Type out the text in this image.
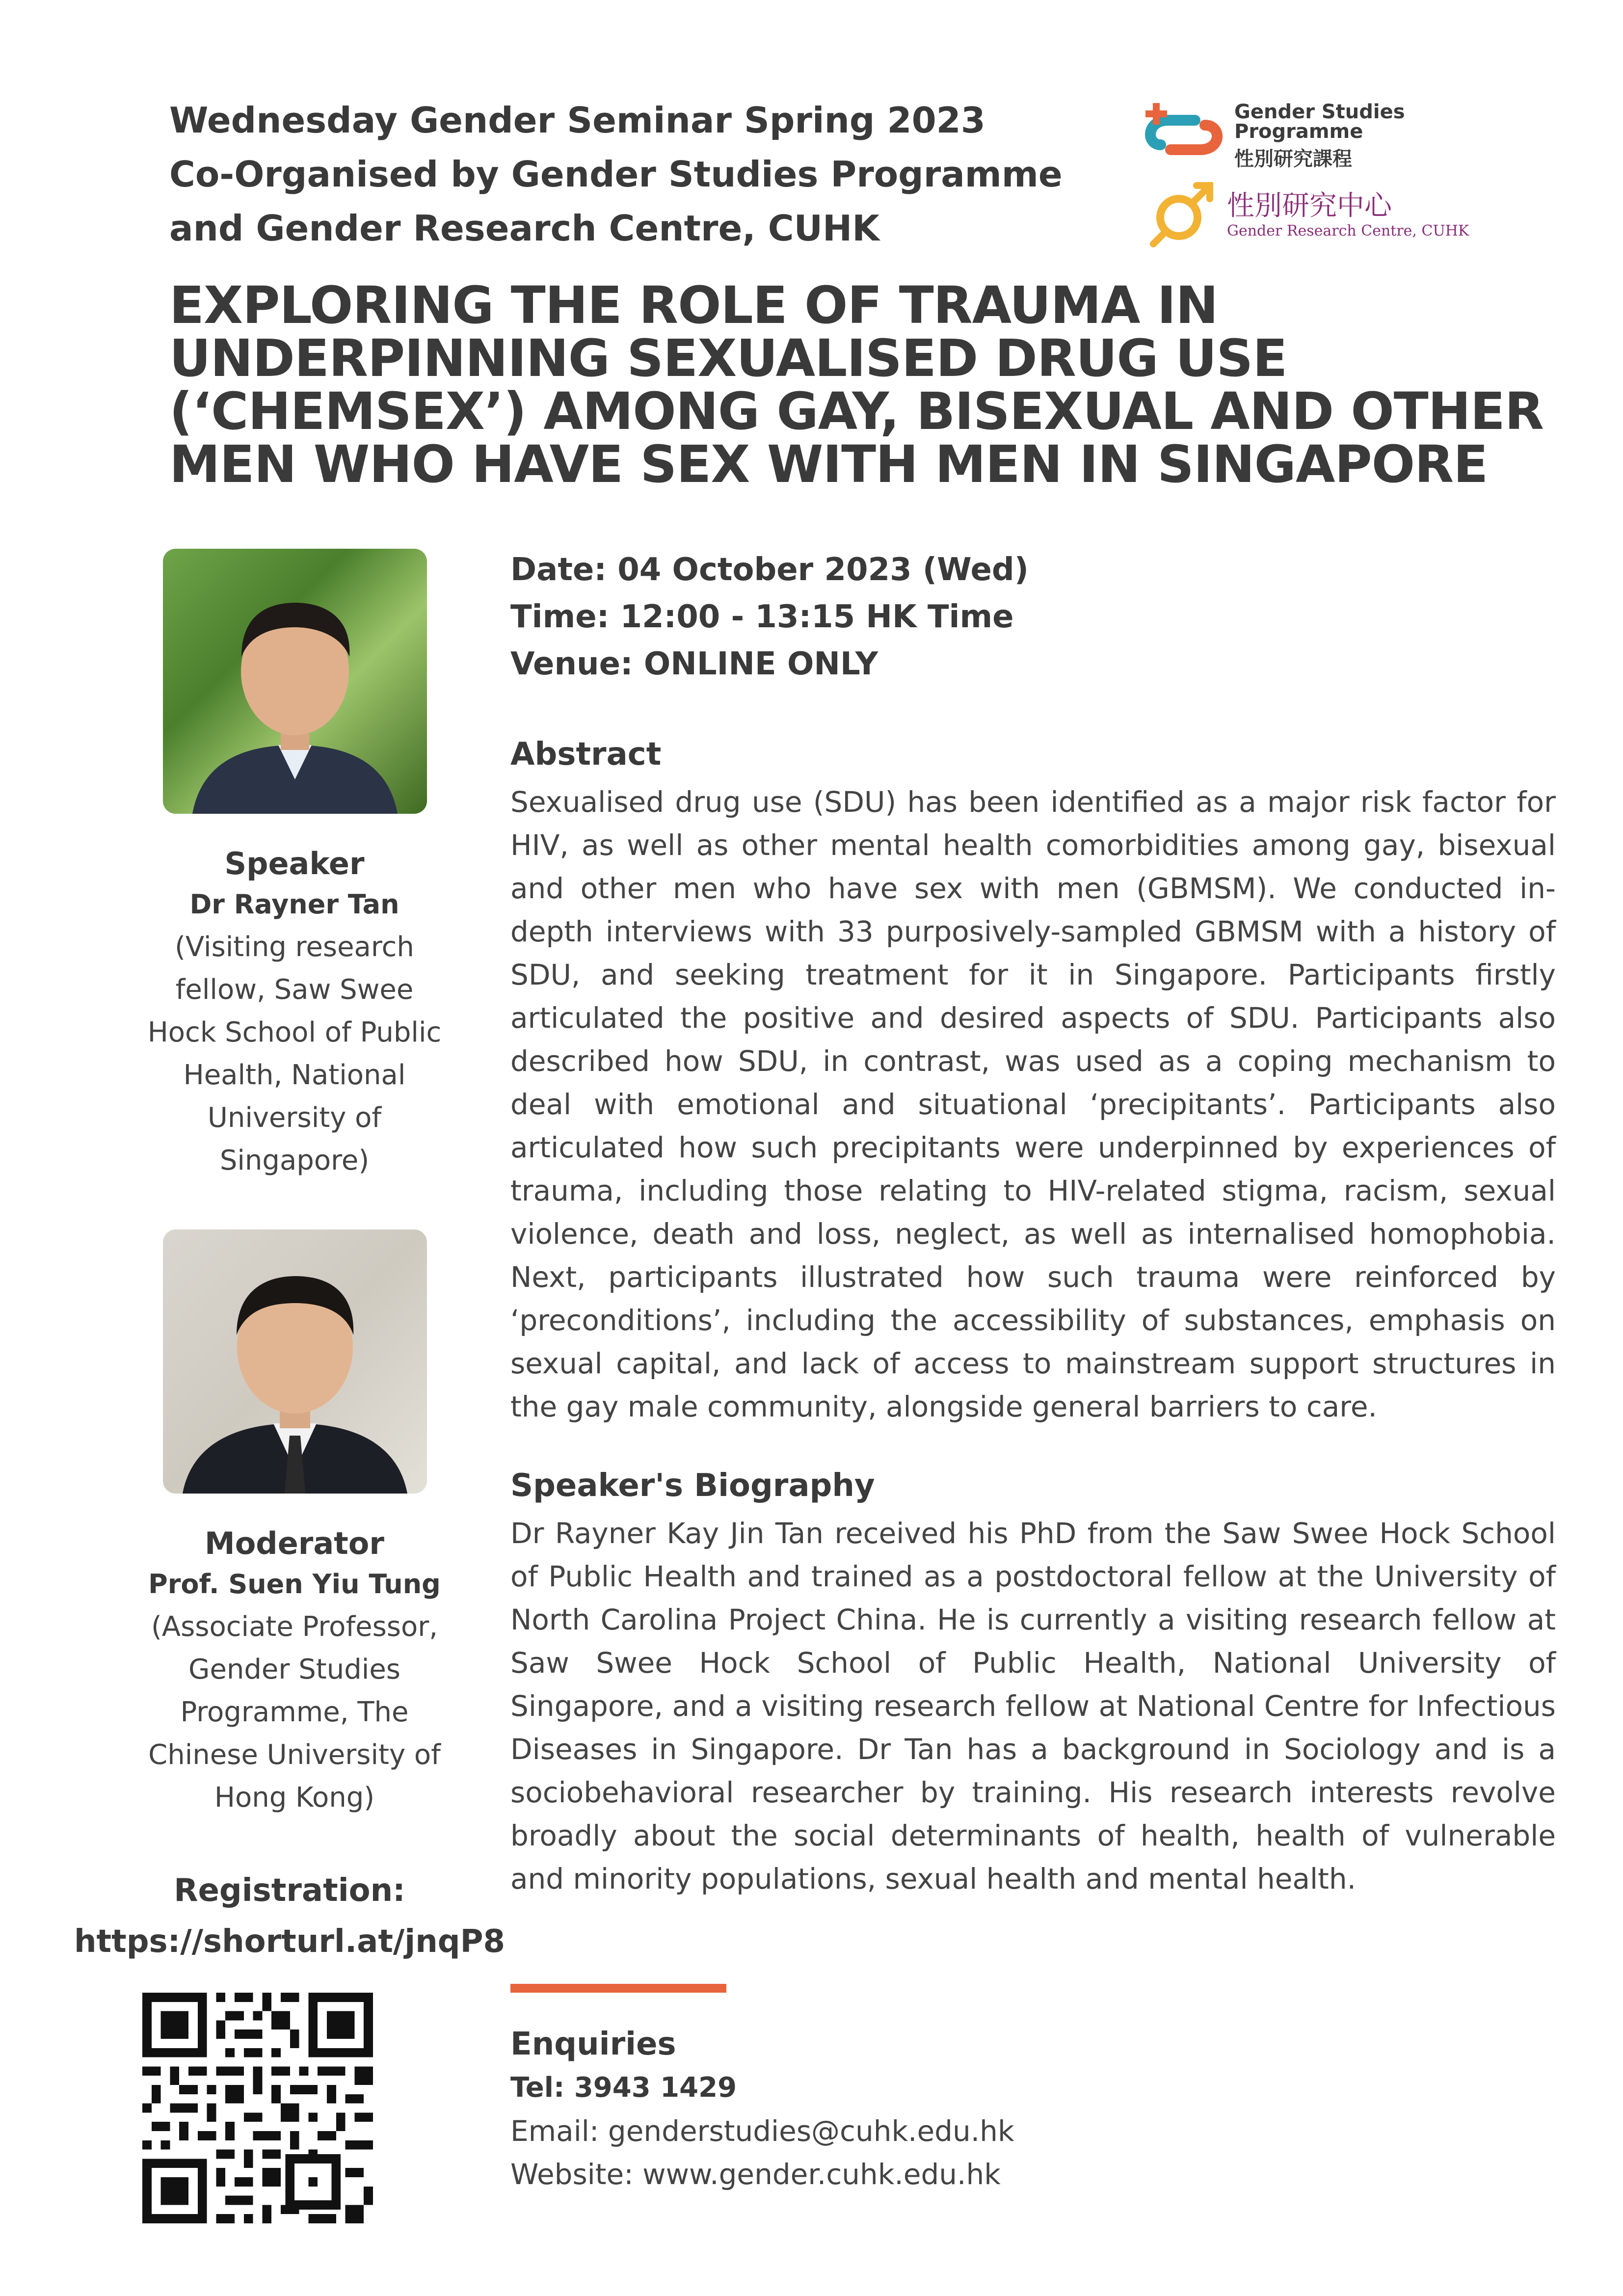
Wednesday Gender Seminar Spring 2023
Co-Organised by Gender Studies Programme
and Gender Research Centre, CUHK
Gender Studies
Programme
性別研究課程
性別研究中心
Gender Research Centre, CUHK
EXPLORING THE ROLE OF TRAUMA IN
UNDERPINNING SEXUALISED DRUG USE
(‘CHEMSEX’) AMONG GAY, BISEXUAL AND OTHER
MEN WHO HAVE SEX WITH MEN IN SINGAPORE
Speaker
Dr Rayner Tan
(Visiting research
fellow, Saw Swee
Hock School of Public
Health, National
University of
Singapore)
Moderator
Prof. Suen Yiu Tung
(Associate Professor,
Gender Studies
Programme, The
Chinese University of
Hong Kong)
Registration:
https://shorturl.at/jnqP8
Date: 04 October 2023 (Wed)
Time: 12:00 - 13:15 HK Time
Venue: ONLINE ONLY
Abstract
Sexualised drug use (SDU) has been identified as a major risk factor for HIV, as well as other mental health comorbidities among gay, bisexual and other men who have sex with men (GBMSM). We conducted in-depth interviews with 33 purposively-sampled GBMSM with a history of SDU, and seeking treatment for it in Singapore. Participants firstly articulated the positive and desired aspects of SDU. Participants also described how SDU, in contrast, was used as a coping mechanism to deal with emotional and situational ‘precipitants’. Participants also articulated how such precipitants were underpinned by experiences of trauma, including those relating to HIV-related stigma, racism, sexual violence, death and loss, neglect, as well as internalised homophobia. Next, participants illustrated how such trauma were reinforced by ‘preconditions’, including the accessibility of substances, emphasis on sexual capital, and lack of access to mainstream support structures in the gay male community, alongside general barriers to care.
Speaker's Biography
Dr Rayner Kay Jin Tan received his PhD from the Saw Swee Hock School of Public Health and trained as a postdoctoral fellow at the University of North Carolina Project China. He is currently a visiting research fellow at Saw Swee Hock School of Public Health, National University of Singapore, and a visiting research fellow at National Centre for Infectious Diseases in Singapore. Dr Tan has a background in Sociology and is a sociobehavioral researcher by training. His research interests revolve broadly about the social determinants of health, health of vulnerable and minority populations, sexual health and mental health.
Enquiries
Tel: 3943 1429
Email: genderstudies@cuhk.edu.hk
Website: www.gender.cuhk.edu.hk
